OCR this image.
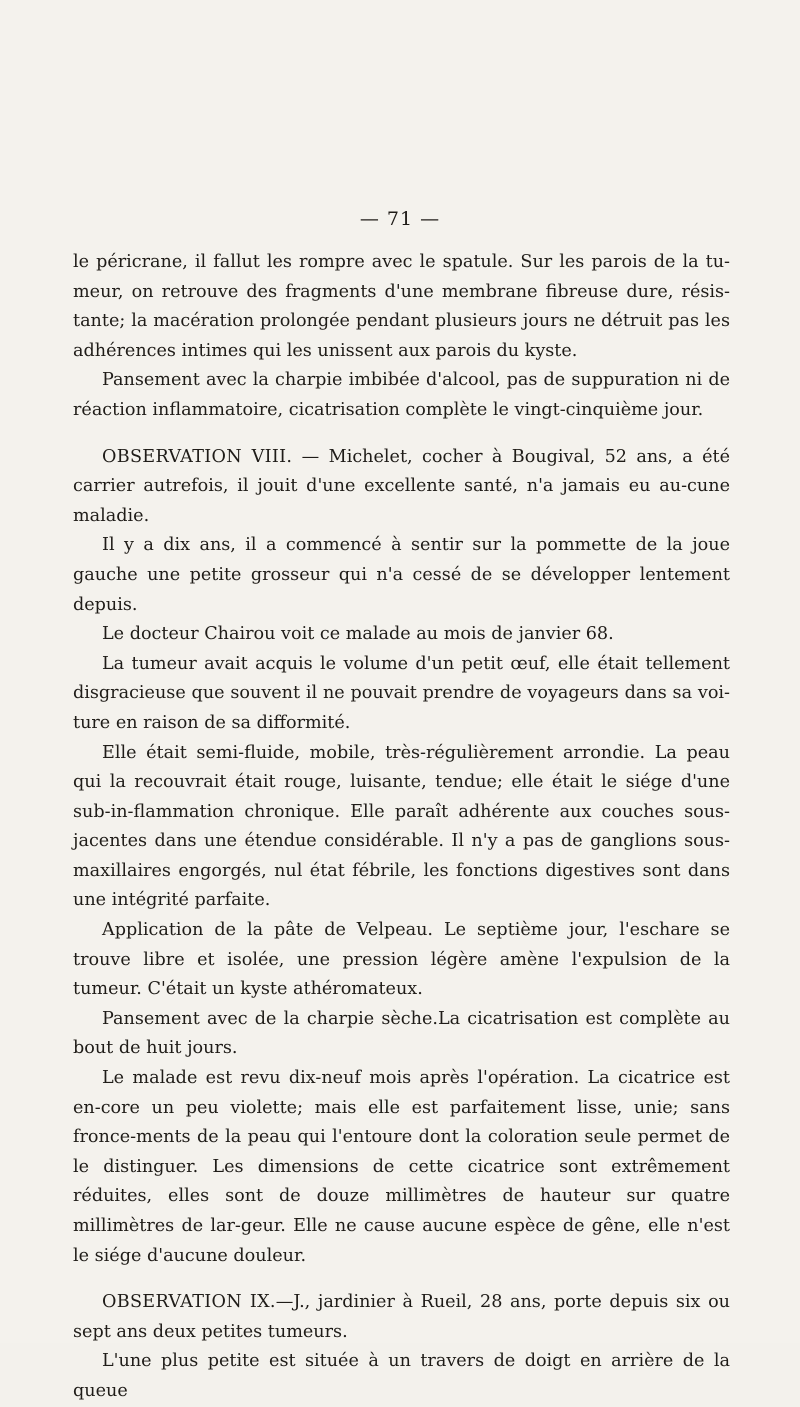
— 71 —

le péricrane, il fallut les rompre avec le spatule. Sur les parois de la tu-meur, on retrouve des fragments d'une membrane fibreuse dure, résis-tante; la macération prolongée pendant plusieurs jours ne détruit pas les adhérences intimes qui les unissent aux parois du kyste.

Pansement avec la charpie imbibée d'alcool, pas de suppuration ni de réaction inflammatoire, cicatrisation complète le vingt-cinquième jour.

OBSERVATION VIII. — Michelet, cocher à Bougival, 52 ans, a été carrier autrefois, il jouit d'une excellente santé, n'a jamais eu au-cune maladie.

Il y a dix ans, il a commencé à sentir sur la pommette de la joue gauche une petite grosseur qui n'a cessé de se développer lentement depuis.

Le docteur Chairou voit ce malade au mois de janvier 68.

La tumeur avait acquis le volume d'un petit œuf, elle était tellement disgracieuse que souvent il ne pouvait prendre de voyageurs dans sa voi-ture en raison de sa difformité.

Elle était semi-fluide, mobile, très-régulièrement arrondie. La peau qui la recouvrait était rouge, luisante, tendue; elle était le siége d'une sub-in-flammation chronique. Elle paraît adhérente aux couches sous-jacentes dans une étendue considérable. Il n'y a pas de ganglions sous-maxillaires engorgés, nul état fébrile, les fonctions digestives sont dans une intégrité parfaite.

Application de la pâte de Velpeau. Le septième jour, l'eschare se trouve libre et isolée, une pression légère amène l'expulsion de la tumeur. C'était un kyste athéromateux.

Pansement avec de la charpie sèche.La cicatrisation est complète au bout de huit jours.

Le malade est revu dix-neuf mois après l'opération. La cicatrice est en-core un peu violette; mais elle est parfaitement lisse, unie; sans fronce-ments de la peau qui l'entoure dont la coloration seule permet de le distinguer. Les dimensions de cette cicatrice sont extrêmement réduites, elles sont de douze millimètres de hauteur sur quatre millimètres de lar-geur. Elle ne cause aucune espèce de gêne, elle n'est le siége d'aucune douleur.

OBSERVATION IX.—J., jardinier à Rueil, 28 ans, porte depuis six ou sept ans deux petites tumeurs.

L'une plus petite est située à un travers de doigt en arrière de la queue
